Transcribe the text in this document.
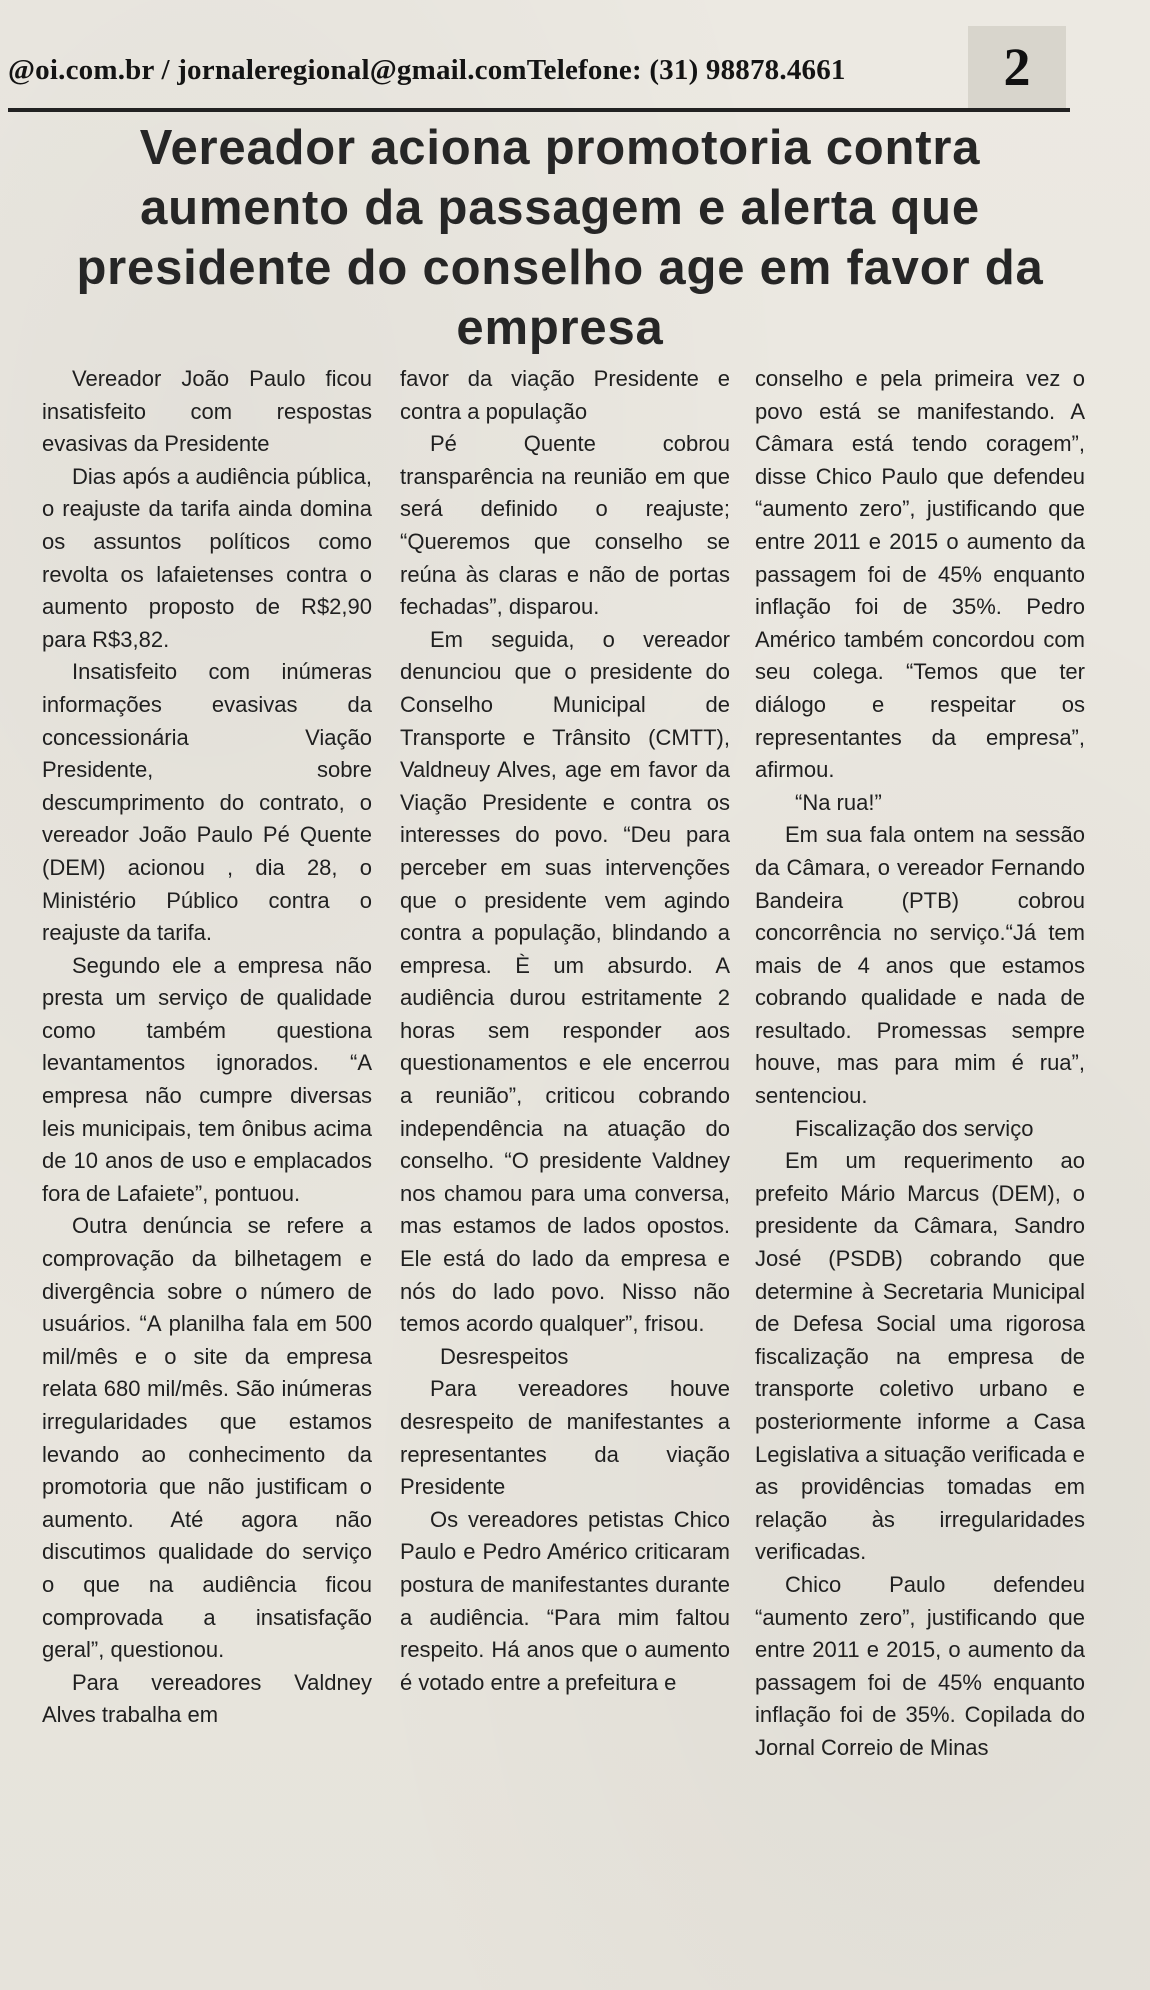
@oi.com.br / jornaleregional@gmail.comTelefone: (31) 98878.4661	2
Vereador aciona promotoria contra aumento da passagem e alerta que presidente do conselho age em favor da empresa

Vereador João Paulo ficou insatisfeito com respostas evasivas da Presidente

Dias após a audiência pública, o reajuste da tarifa ainda domina os assuntos políticos como revolta os lafaietenses contra o aumento proposto de R$2,90 para R$3,82.

Insatisfeito com inúmeras informações evasivas da concessionária Viação Presidente, sobre descumprimento do contrato, o vereador João Paulo Pé Quente (DEM) acionou , dia 28, o Ministério Público contra o reajuste da tarifa.

Segundo ele a empresa não presta um serviço de qualidade como também questiona levantamentos ignorados. “A empresa não cumpre diversas leis municipais, tem ônibus acima de 10 anos de uso e emplacados fora de Lafaiete”, pontuou.

Outra denúncia se refere a comprovação da bilhetagem e divergência sobre o número de usuários. “A planilha fala em 500 mil/mês e o site da empresa relata 680 mil/mês. São inúmeras irregularidades que estamos levando ao conhecimento da promotoria que não justificam o aumento. Até agora não discutimos qualidade do serviço o que na audiência ficou comprovada a insatisfação geral”, questionou.

Para vereadores Valdney Alves trabalha em

favor da viação Presidente e contra a população

Pé Quente cobrou transparência na reunião em que será definido o reajuste; “Queremos que conselho se reúna às claras e não de portas fechadas”, disparou.

Em seguida, o vereador denunciou que o presidente do Conselho Municipal de Transporte e Trânsito (CMTT), Valdneuy Alves, age em favor da Viação Presidente e contra os interesses do povo. “Deu para perceber em suas intervenções que o presidente vem agindo contra a população, blindando a empresa. È um absurdo. A audiência durou estritamente 2 horas sem responder aos questionamentos e ele encerrou a reunião”, criticou cobrando independência na atuação do conselho. “O presidente Valdney nos chamou para uma conversa, mas estamos de lados opostos. Ele está do lado da empresa e nós do lado povo. Nisso não temos acordo qualquer”, frisou.

Desrespeitos

Para vereadores houve desrespeito de manifestantes a representantes da viação Presidente

Os vereadores petistas Chico Paulo e Pedro Américo criticaram postura de manifestantes durante a audiência. “Para mim faltou respeito. Há anos que o aumento é votado entre a prefeitura e

conselho e pela primeira vez o povo está se manifestando. A Câmara está tendo coragem”, disse Chico Paulo que defendeu “aumento zero”, justificando que entre 2011 e 2015 o aumento da passagem foi de 45% enquanto inflação foi de 35%. Pedro Américo também concordou com seu colega. “Temos que ter diálogo e respeitar os representantes da empresa”, afirmou.

“Na rua!”

Em sua fala ontem na sessão da Câmara, o vereador Fernando Bandeira (PTB) cobrou concorrência no serviço.“Já tem mais de 4 anos que estamos cobrando qualidade e nada de resultado. Promessas sempre houve, mas para mim é rua”, sentenciou.

Fiscalização dos serviço

Em um requerimento ao prefeito Mário Marcus (DEM), o presidente da Câmara, Sandro José (PSDB) cobrando que determine à Secretaria Municipal de Defesa Social uma rigorosa fiscalização na empresa de transporte coletivo urbano e posteriormente informe a Casa Legislativa a situação verificada e as providências tomadas em relação às irregularidades verificadas.

Chico Paulo defendeu “aumento zero”, justificando que entre 2011 e 2015, o aumento da passagem foi de 45% enquanto inflação foi de 35%. Copilada do Jornal Correio de Minas
